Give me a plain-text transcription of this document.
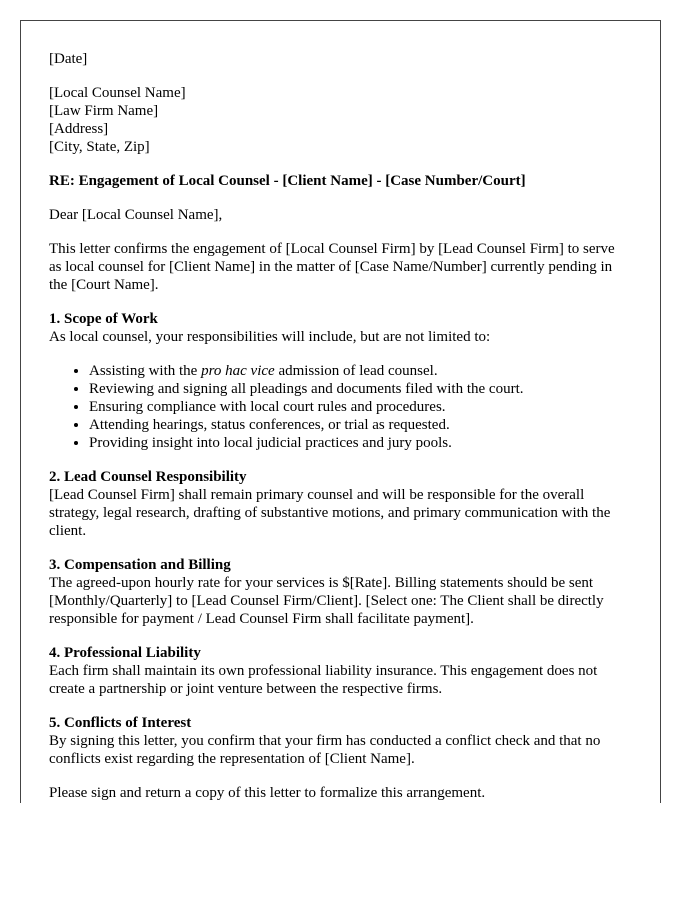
[Date]

[Local Counsel Name]
[Law Firm Name]
[Address]
[City, State, Zip]

RE: Engagement of Local Counsel - [Client Name] - [Case Number/Court]

Dear [Local Counsel Name],

This letter confirms the engagement of [Local Counsel Firm] by [Lead Counsel Firm] to serve as local counsel for [Client Name] in the matter of [Case Name/Number] currently pending in the [Court Name].

1. Scope of Work

As local counsel, your responsibilities will include, but are not limited to:

• Assisting with the pro hac vice admission of lead counsel.
• Reviewing and signing all pleadings and documents filed with the court.
• Ensuring compliance with local court rules and procedures.
• Attending hearings, status conferences, or trial as requested.
• Providing insight into local judicial practices and jury pools.
2. Lead Counsel Responsibility

[Lead Counsel Firm] shall remain primary counsel and will be responsible for the overall strategy, legal research, drafting of substantive motions, and primary communication with the client.

3. Compensation and Billing

The agreed-upon hourly rate for your services is $[Rate]. Billing statements should be sent [Monthly/Quarterly] to [Lead Counsel Firm/Client]. [Select one: The Client shall be directly responsible for payment / Lead Counsel Firm shall facilitate payment].

4. Professional Liability

Each firm shall maintain its own professional liability insurance. This engagement does not create a partnership or joint venture between the respective firms.

5. Conflicts of Interest

By signing this letter, you confirm that your firm has conducted a conflict check and that no conflicts exist regarding the representation of [Client Name].

Please sign and return a copy of this letter to formalize this arrangement.
